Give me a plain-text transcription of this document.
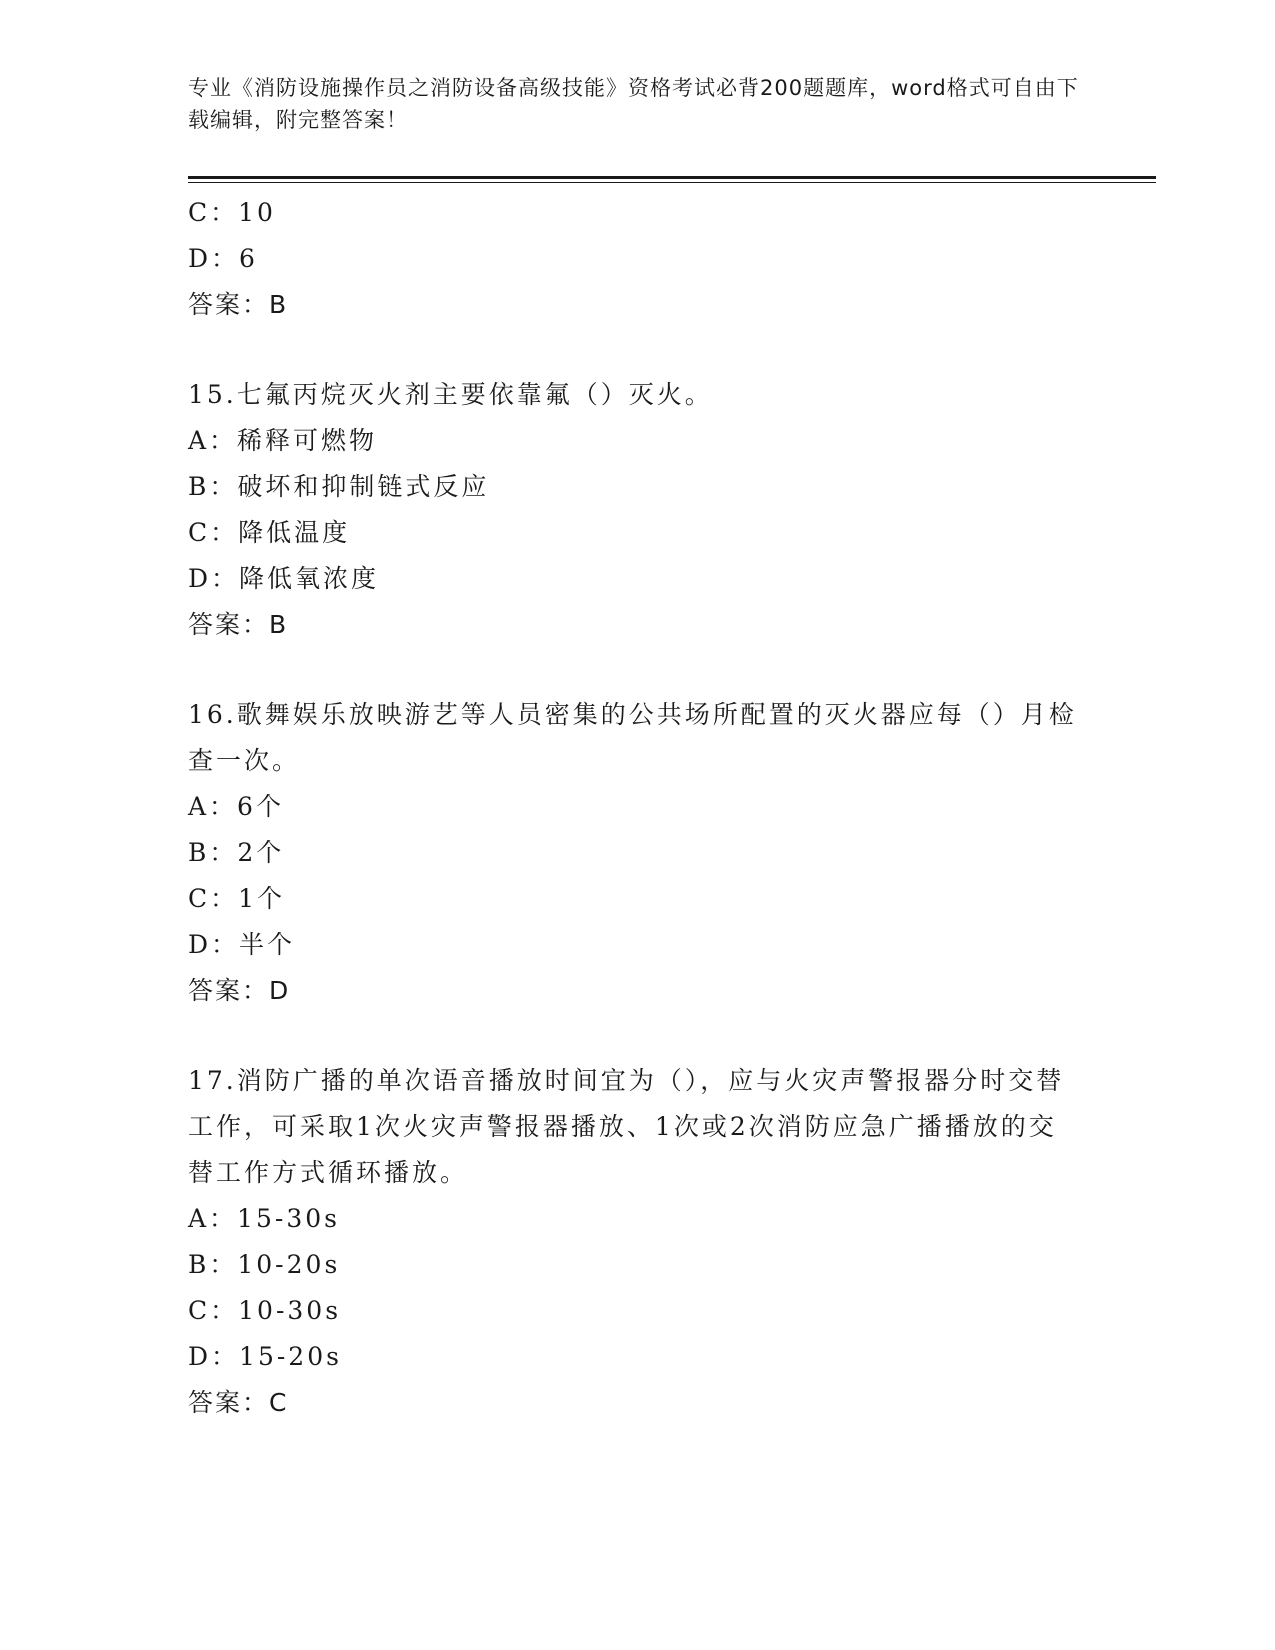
专业《消防设施操作员之消防设备高级技能》资格考试必背200题题库，word格式可自由下载编辑，附完整答案！
C：10
D：6
答案：B
15.七氟丙烷灭火剂主要依靠氟（）灭火。
A：稀释可燃物
B：破坏和抑制链式反应
C：降低温度
D：降低氧浓度
答案：B
16.歌舞娱乐放映游艺等人员密集的公共场所配置的灭火器应每（）月检查一次。
A：6个
B：2个
C：1个
D：半个
答案：D
17.消防广播的单次语音播放时间宜为（），应与火灾声警报器分时交替工作，可采取1次火灾声警报器播放、1次或2次消防应急广播播放的交替工作方式循环播放。
A：15-30s
B：10-20s
C：10-30s
D：15-20s
答案：C
